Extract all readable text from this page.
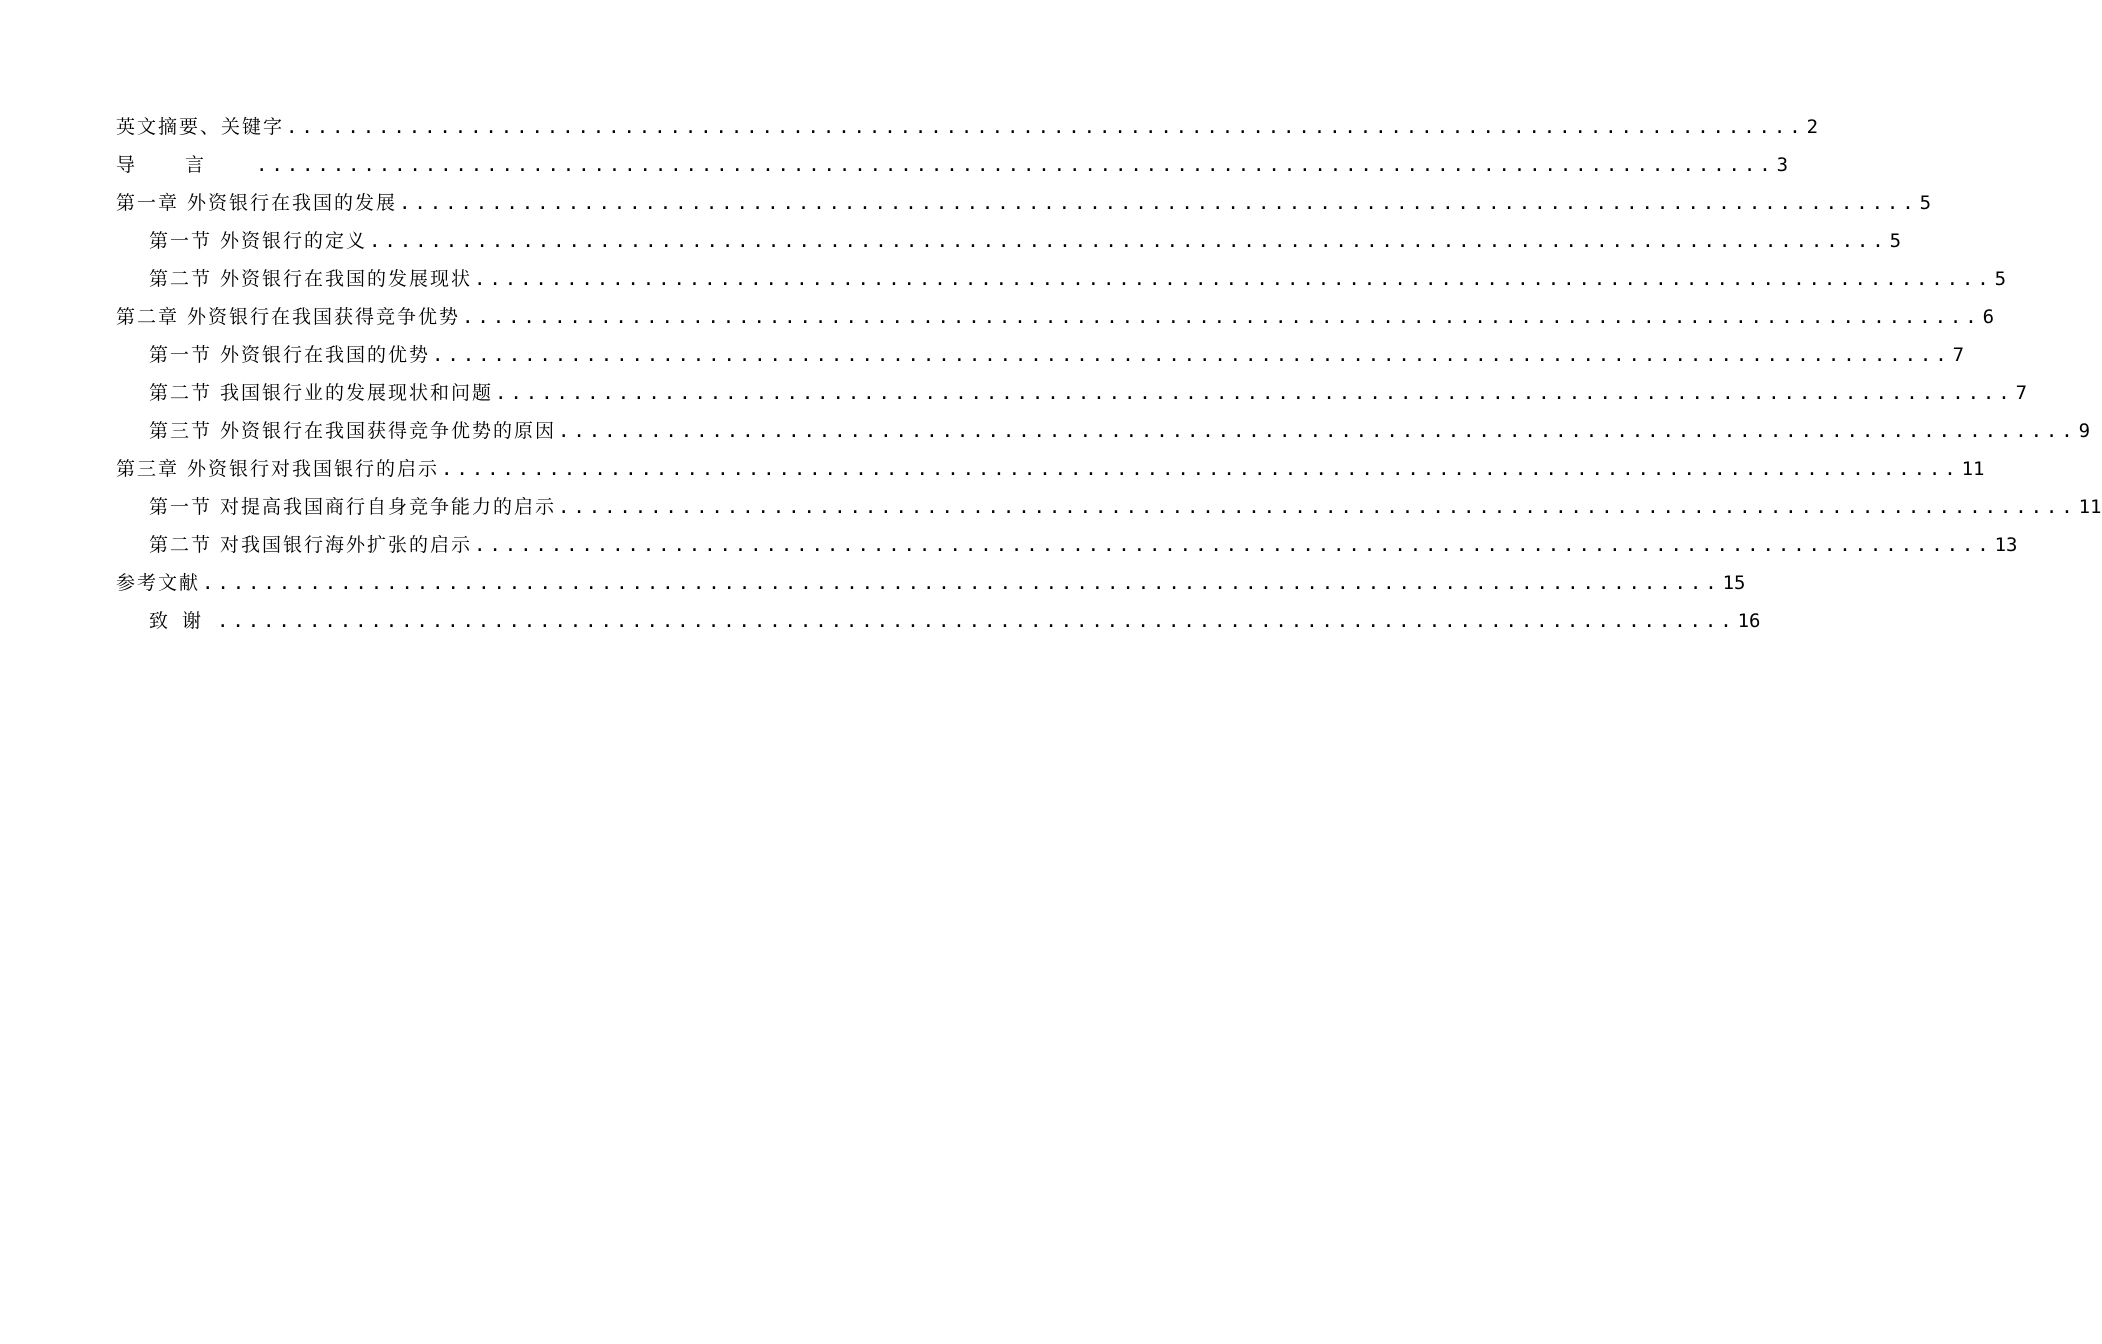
英文摘要、关键字 ................................................................................................... 2
导言 ................................................................................................... 3
第一章 外资银行在我国的发展 ................................................................................................... 5
第一节 外资银行的定义 ................................................................................................... 5
第二节 外资银行在我国的发展现状 ................................................................................................... 5
第二章 外资银行在我国获得竞争优势 ................................................................................................... 6
第一节 外资银行在我国的优势 ................................................................................................... 7
第二节 我国银行业的发展现状和问题 ................................................................................................... 7
第三节 外资银行在我国获得竞争优势的原因 ................................................................................................... 9
第三章 外资银行对我国银行的启示 ................................................................................................... 11
第一节 对提高我国商行自身竞争能力的启示 ................................................................................................... 11
第二节 对我国银行海外扩张的启示 ................................................................................................... 13
参考文献 ................................................................................................... 15
致谢 ................................................................................................... 16
